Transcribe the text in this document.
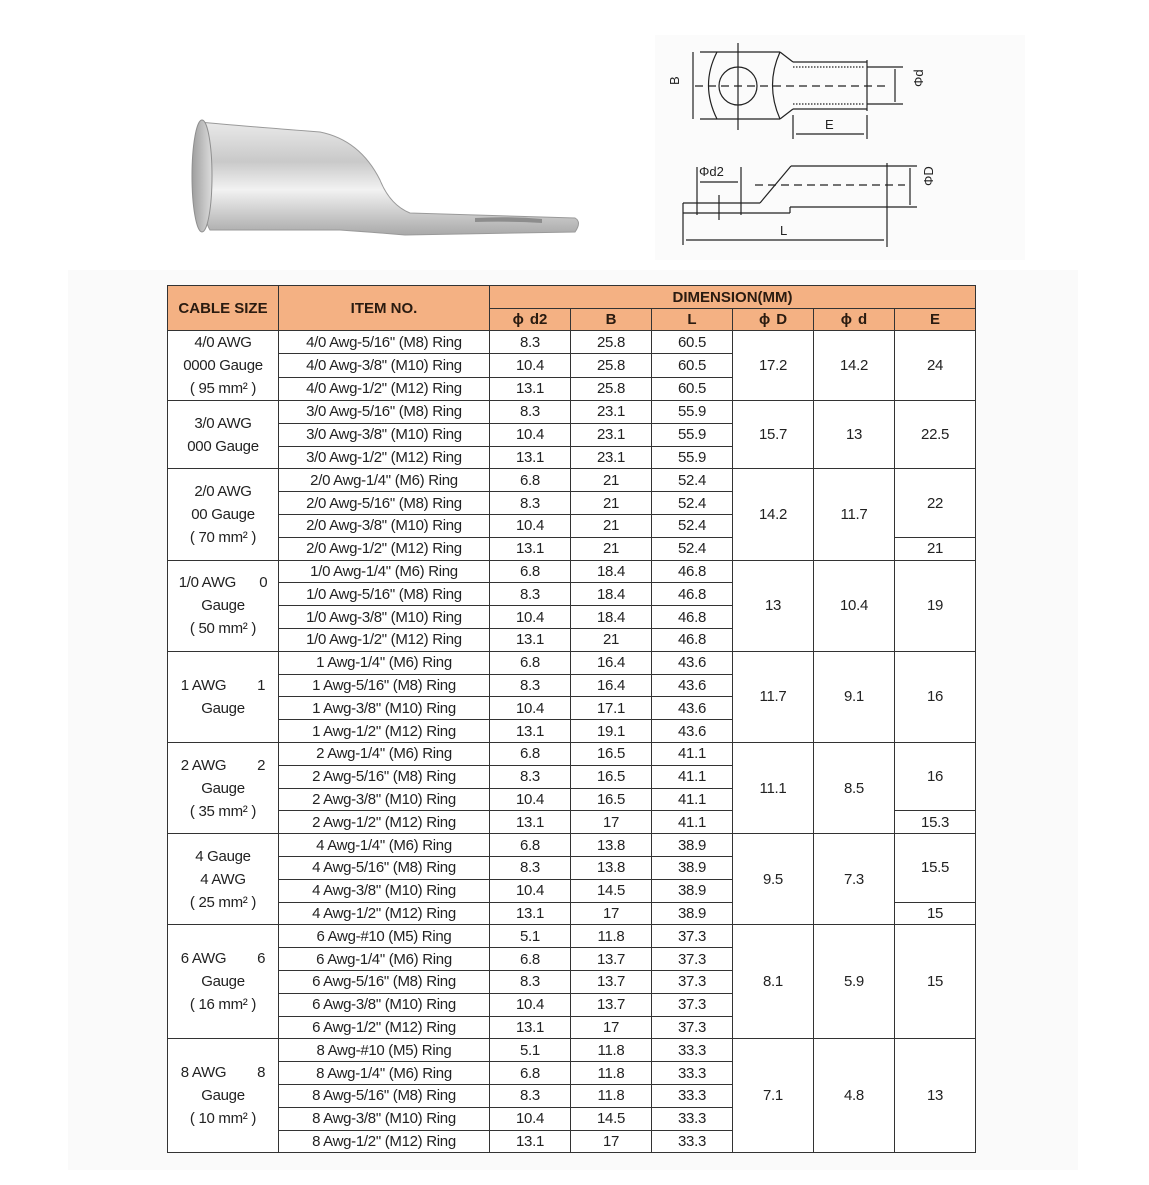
B	Φd
E
Φd2	ΦD
L
CABLE SIZE	ITEM NO.	DIMENSION(MM)					
		ϕ d2	B	L	ϕ D	ϕ d	E

4/0 AWG
0000 Gauge
( 95 mm² )	4/0 Awg-5/16" (M8) Ring	8.3	25.8	60.5	17.2	14.2	24
	4/0 Awg-3/8" (M10) Ring	10.4	25.8	60.5			
	4/0 Awg-1/2" (M12) Ring	13.1	25.8	60.5			

3/0 AWG
000 Gauge	3/0 Awg-5/16" (M8) Ring	8.3	23.1	55.9	15.7	13	22.5
	3/0 Awg-3/8" (M10) Ring	10.4	23.1	55.9			
	3/0 Awg-1/2" (M12) Ring	13.1	23.1	55.9			

2/0 AWG
00 Gauge
( 70 mm² )	2/0 Awg-1/4" (M6) Ring	6.8	21	52.4	14.2	11.7	22
	2/0 Awg-5/16" (M8) Ring	8.3	21	52.4			
	2/0 Awg-3/8" (M10) Ring	10.4	21	52.4			
	2/0 Awg-1/2" (M12) Ring	13.1	21	52.4			21

1/0 AWG      0
Gauge
( 50 mm² )	1/0 Awg-1/4" (M6) Ring	6.8	18.4	46.8	13	10.4	19
	1/0 Awg-5/16" (M8) Ring	8.3	18.4	46.8			
	1/0 Awg-3/8" (M10) Ring	10.4	18.4	46.8			
	1/0 Awg-1/2" (M12) Ring	13.1	21	46.8			

1 AWG        1
Gauge	1 Awg-1/4" (M6) Ring	6.8	16.4	43.6	11.7	9.1	16
	1 Awg-5/16" (M8) Ring	8.3	16.4	43.6			
	1 Awg-3/8" (M10) Ring	10.4	17.1	43.6			
	1 Awg-1/2" (M12) Ring	13.1	19.1	43.6			

2 AWG        2
Gauge
( 35 mm² )	2 Awg-1/4" (M6) Ring	6.8	16.5	41.1	11.1	8.5	16
	2 Awg-5/16" (M8) Ring	8.3	16.5	41.1			
	2 Awg-3/8" (M10) Ring	10.4	16.5	41.1			
	2 Awg-1/2" (M12) Ring	13.1	17	41.1			15.3

4 Gauge
4 AWG
( 25 mm² )	4 Awg-1/4" (M6) Ring	6.8	13.8	38.9	9.5	7.3	15.5
	4 Awg-5/16" (M8) Ring	8.3	13.8	38.9			
	4 Awg-3/8" (M10) Ring	10.4	14.5	38.9			
	4 Awg-1/2" (M12) Ring	13.1	17	38.9			15

6 AWG        6
Gauge
( 16 mm² )	6 Awg-#10 (M5) Ring	5.1	11.8	37.3	8.1	5.9	15
	6 Awg-1/4" (M6) Ring	6.8	13.7	37.3			
	6 Awg-5/16" (M8) Ring	8.3	13.7	37.3			
	6 Awg-3/8" (M10) Ring	10.4	13.7	37.3			
	6 Awg-1/2" (M12) Ring	13.1	17	37.3			

8 AWG        8
Gauge
( 10 mm² )	8 Awg-#10 (M5) Ring	5.1	11.8	33.3	7.1	4.8	13
	8 Awg-1/4" (M6) Ring	6.8	11.8	33.3			
	8 Awg-5/16" (M8) Ring	8.3	11.8	33.3			
	8 Awg-3/8" (M10) Ring	10.4	14.5	33.3			
	8 Awg-1/2" (M12) Ring	13.1	17	33.3			
